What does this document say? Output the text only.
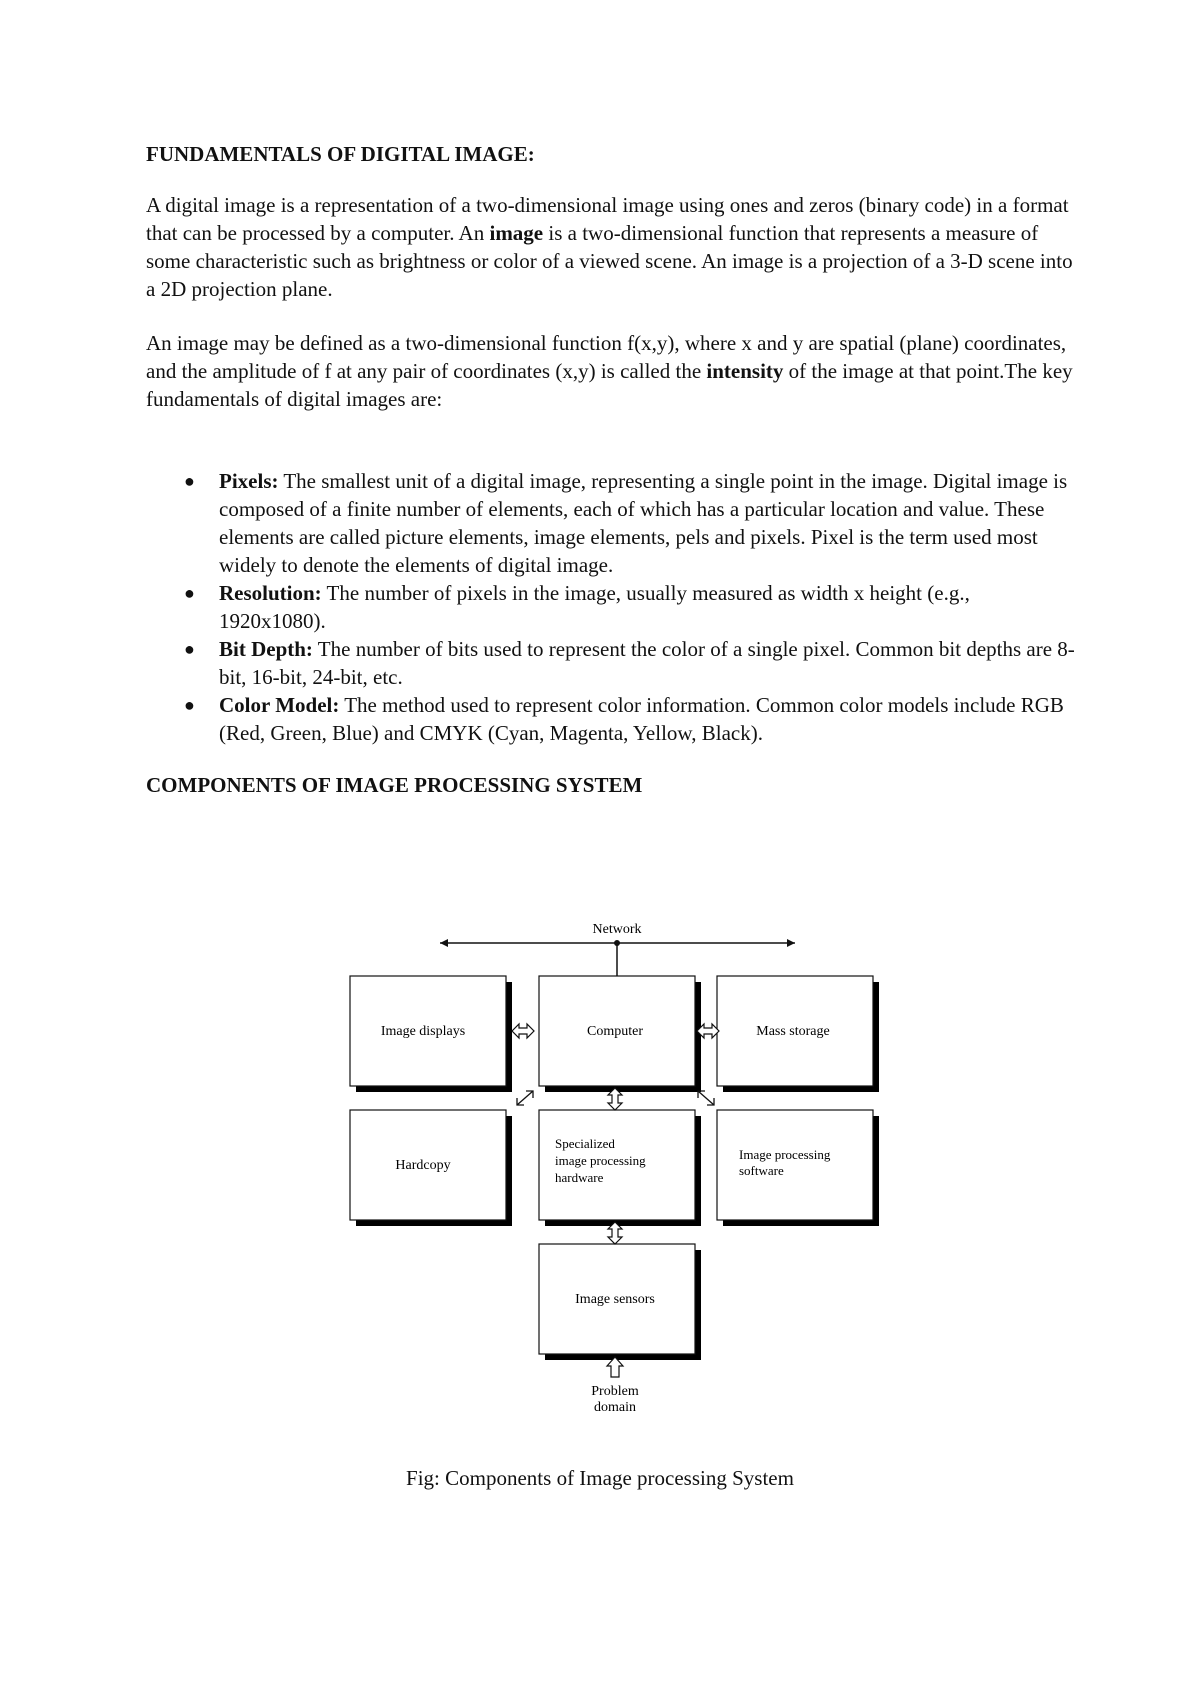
FUNDAMENTALS OF DIGITAL IMAGE:

A digital image is a representation of a two-dimensional image using ones and zeros (binary code) in a format that can be processed by a computer. An image is a two-dimensional function that represents a measure of some characteristic such as brightness or color of a viewed scene. An image is a projection of a 3-D scene into a 2D projection plane.

An image may be defined as a two-dimensional function f(x,y), where x and y are spatial (plane) coordinates, and the amplitude of f at any pair of coordinates (x,y) is called the intensity of the image at that point.The key fundamentals of digital images are:

● Pixels: The smallest unit of a digital image, representing a single point in the image. Digital image is composed of a finite number of elements, each of which has a particular location and value. These elements are called picture elements, image elements, pels and pixels. Pixel is the term used most widely to denote the elements of digital image.
● Resolution: The number of pixels in the image, usually measured as width x height (e.g., 1920x1080).
● Bit Depth: The number of bits used to represent the color of a single pixel. Common bit depths are 8-bit, 16-bit, 24-bit, etc.
● Color Model: The method used to represent color information. Common color models include RGB (Red, Green, Blue) and CMYK (Cyan, Magenta, Yellow, Black).

COMPONENTS OF IMAGE PROCESSING SYSTEM

Network
Image displays	Computer	Mass storage
Hardcopy
Specialized
image processing
hardware
Image processing
software
Image sensors
Problem
domain
Fig: Components of Image processing System
